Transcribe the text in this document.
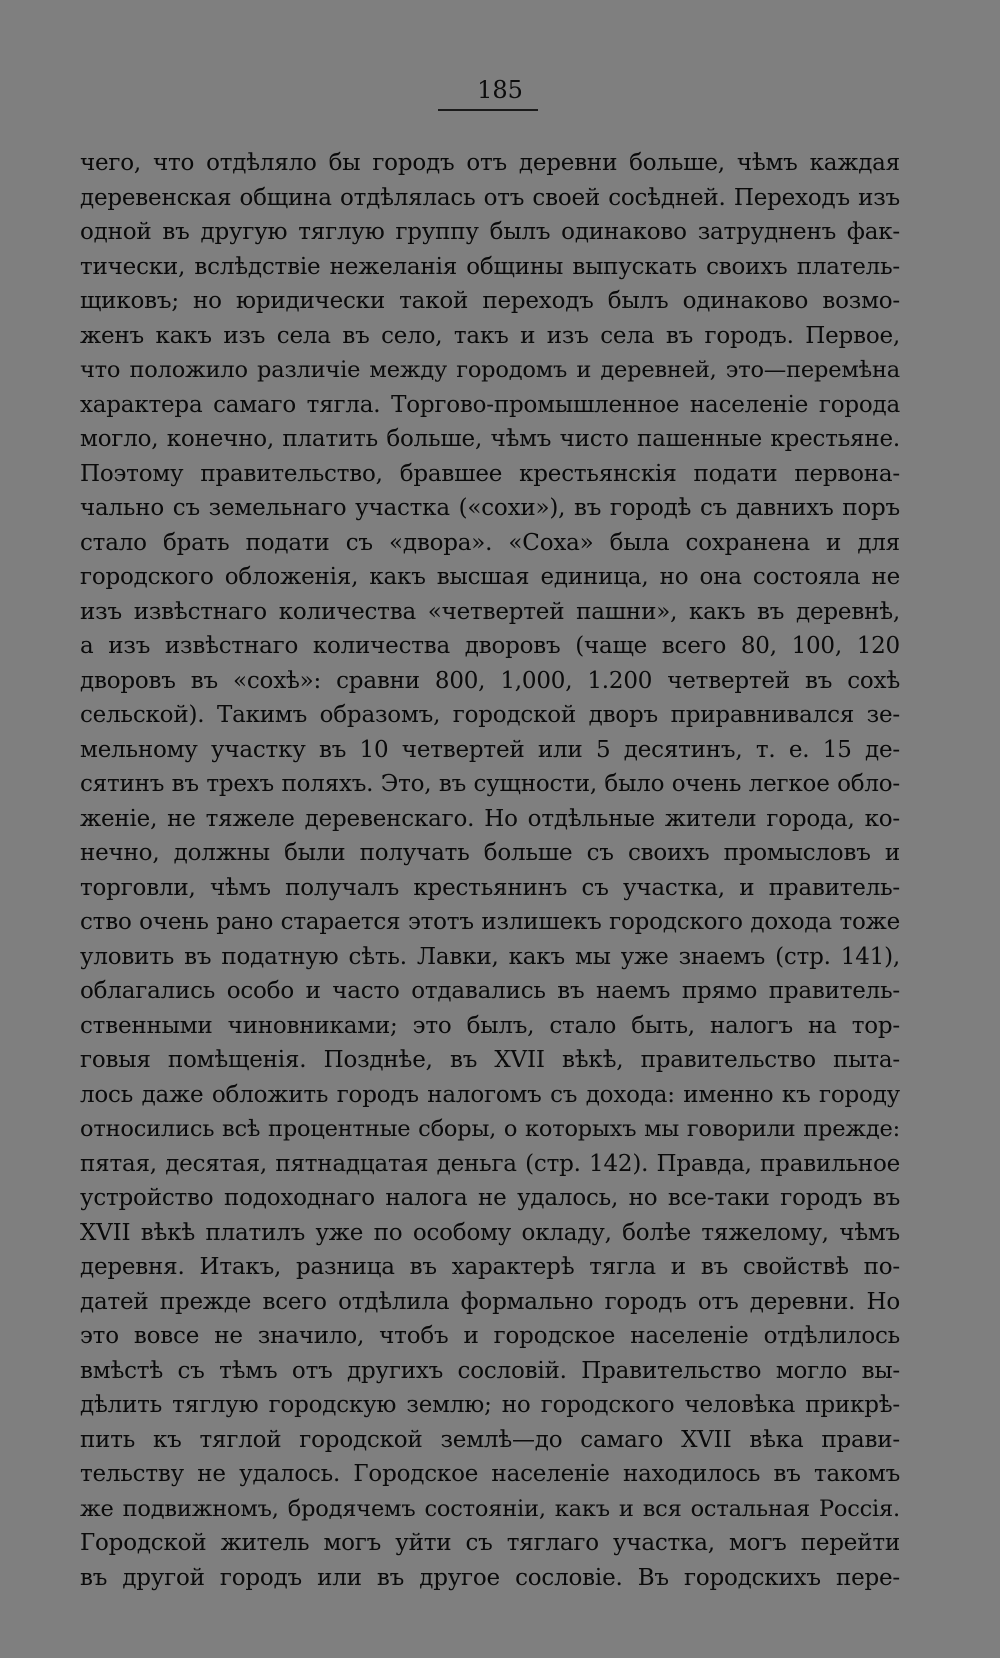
185
чего, что отдѣляло бы городъ отъ деревни больше, чѣмъ каждая
деревенская община отдѣлялась отъ своей сосѣдней. Переходъ изъ
одной въ другую тяглую группу былъ одинаково затрудненъ фак-
тически, вслѣдствіе нежеланія общины выпускать своихъ платель-
щиковъ; но юридически такой переходъ былъ одинаково возмо-
женъ какъ изъ села въ село, такъ и изъ села въ городъ. Первое,
что положило различіе между городомъ и деревней, это—перемѣна
характера самаго тягла. Торгово-промышленное населеніе города
могло, конечно, платить больше, чѣмъ чисто пашенные крестьяне.
Поэтому правительство, бравшее крестьянскія подати первона-
чально съ земельнаго участка («сохи»), въ городѣ съ давнихъ поръ
стало брать подати съ «двора». «Соха» была сохранена и для
городского обложенія, какъ высшая единица, но она состояла не
изъ извѣстнаго количества «четвертей пашни», какъ въ деревнѣ,
а изъ извѣстнаго количества дворовъ (чаще всего 80, 100, 120
дворовъ въ «сохѣ»: сравни 800, 1,000, 1.200 четвертей въ сохѣ
сельской). Такимъ образомъ, городской дворъ приравнивался зе-
мельному участку въ 10 четвертей или 5 десятинъ, т. е. 15 де-
сятинъ въ трехъ поляхъ. Это, въ сущности, было очень легкое обло-
женіе, не тяжеле деревенскаго. Но отдѣльные жители города, ко-
нечно, должны были получать больше съ своихъ промысловъ и
торговли, чѣмъ получалъ крестьянинъ съ участка, и правитель-
ство очень рано старается этотъ излишекъ городского дохода тоже
уловить въ податную сѣть. Лавки, какъ мы уже знаемъ (стр. 141),
облагались особо и часто отдавались въ наемъ прямо правитель-
ственными чиновниками; это былъ, стало быть, налогъ на тор-
говыя помѣщенія. Позднѣе, въ XVII вѣкѣ, правительство пыта-
лось даже обложить городъ налогомъ съ дохода: именно къ городу
относились всѣ процентные сборы, о которыхъ мы говорили прежде:
пятая, десятая, пятнадцатая деньга (стр. 142). Правда, правильное
устройство подоходнаго налога не удалось, но все-таки городъ въ
XVII вѣкѣ платилъ уже по особому окладу, болѣе тяжелому, чѣмъ
деревня. Итакъ, разница въ характерѣ тягла и въ свойствѣ по-
датей прежде всего отдѣлила формально городъ отъ деревни. Но
это вовсе не значило, чтобъ и городское населеніе отдѣлилось
вмѣстѣ съ тѣмъ отъ другихъ сословій. Правительство могло вы-
дѣлить тяглую городскую землю; но городского человѣка прикрѣ-
пить къ тяглой городской землѣ—до самаго XVII вѣка прави-
тельству не удалось. Городское населеніе находилось въ такомъ
же подвижномъ, бродячемъ состояніи, какъ и вся остальная Россія.
Городской житель могъ уйти съ тяглаго участка, могъ перейти
въ другой городъ или въ другое сословіе. Въ городскихъ пере-
